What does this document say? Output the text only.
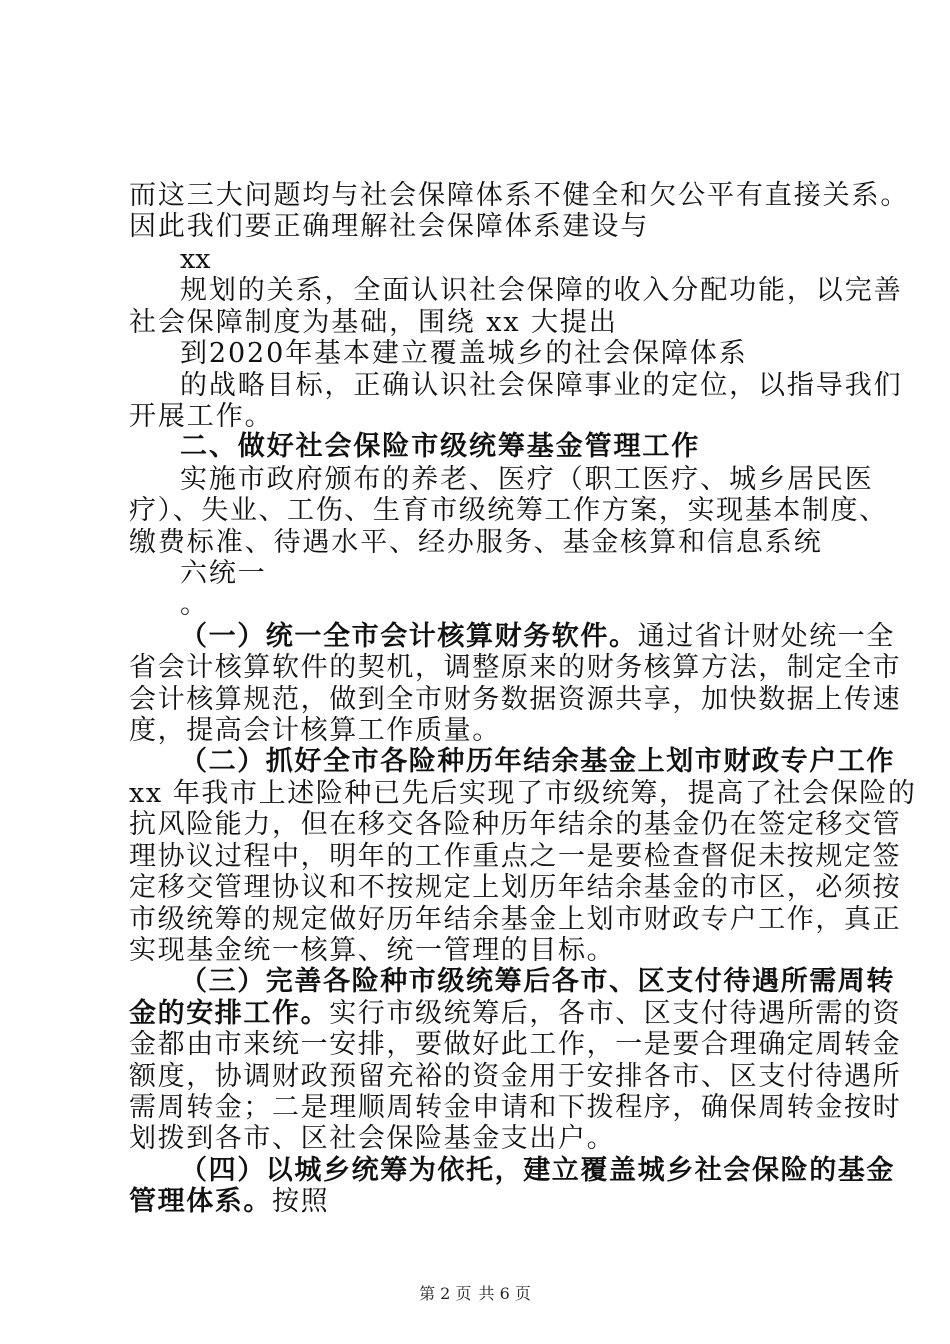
而这三大问题均与社会保障体系不健全和欠公平有直接关系。
因此我们要正确理解社会保障体系建设与
xx
规划的关系，全面认识社会保障的收入分配功能，以完善
社会保障制度为基础，围绕 xx 大提出
到2020年基本建立覆盖城乡的社会保障体系
的战略目标，正确认识社会保障事业的定位，以指导我们
开展工作。
二、做好社会保险市级统筹基金管理工作
实施市政府颁布的养老、医疗（职工医疗、城乡居民医
疗）、失业、工伤、生育市级统筹工作方案，实现基本制度、
缴费标准、待遇水平、经办服务、基金核算和信息系统
六统一
。
（一）统一全市会计核算财务软件。通过省计财处统一全
省会计核算软件的契机，调整原来的财务核算方法，制定全市
会计核算规范，做到全市财务数据资源共享，加快数据上传速
度，提高会计核算工作质量。
（二）抓好全市各险种历年结余基金上划市财政专户工作
xx 年我市上述险种已先后实现了市级统筹，提高了社会保险的
抗风险能力，但在移交各险种历年结余的基金仍在签定移交管
理协议过程中，明年的工作重点之一是要检查督促未按规定签
定移交管理协议和不按规定上划历年结余基金的市区，必须按
市级统筹的规定做好历年结余基金上划市财政专户工作，真正
实现基金统一核算、统一管理的目标。
（三）完善各险种市级统筹后各市、区支付待遇所需周转
金的安排工作。实行市级统筹后，各市、区支付待遇所需的资
金都由市来统一安排，要做好此工作，一是要合理确定周转金
额度，协调财政预留充裕的资金用于安排各市、区支付待遇所
需周转金；二是理顺周转金申请和下拨程序，确保周转金按时
划拨到各市、区社会保险基金支出户。
（四）以城乡统筹为依托，建立覆盖城乡社会保险的基金
管理体系。按照
第 2 页 共 6 页
